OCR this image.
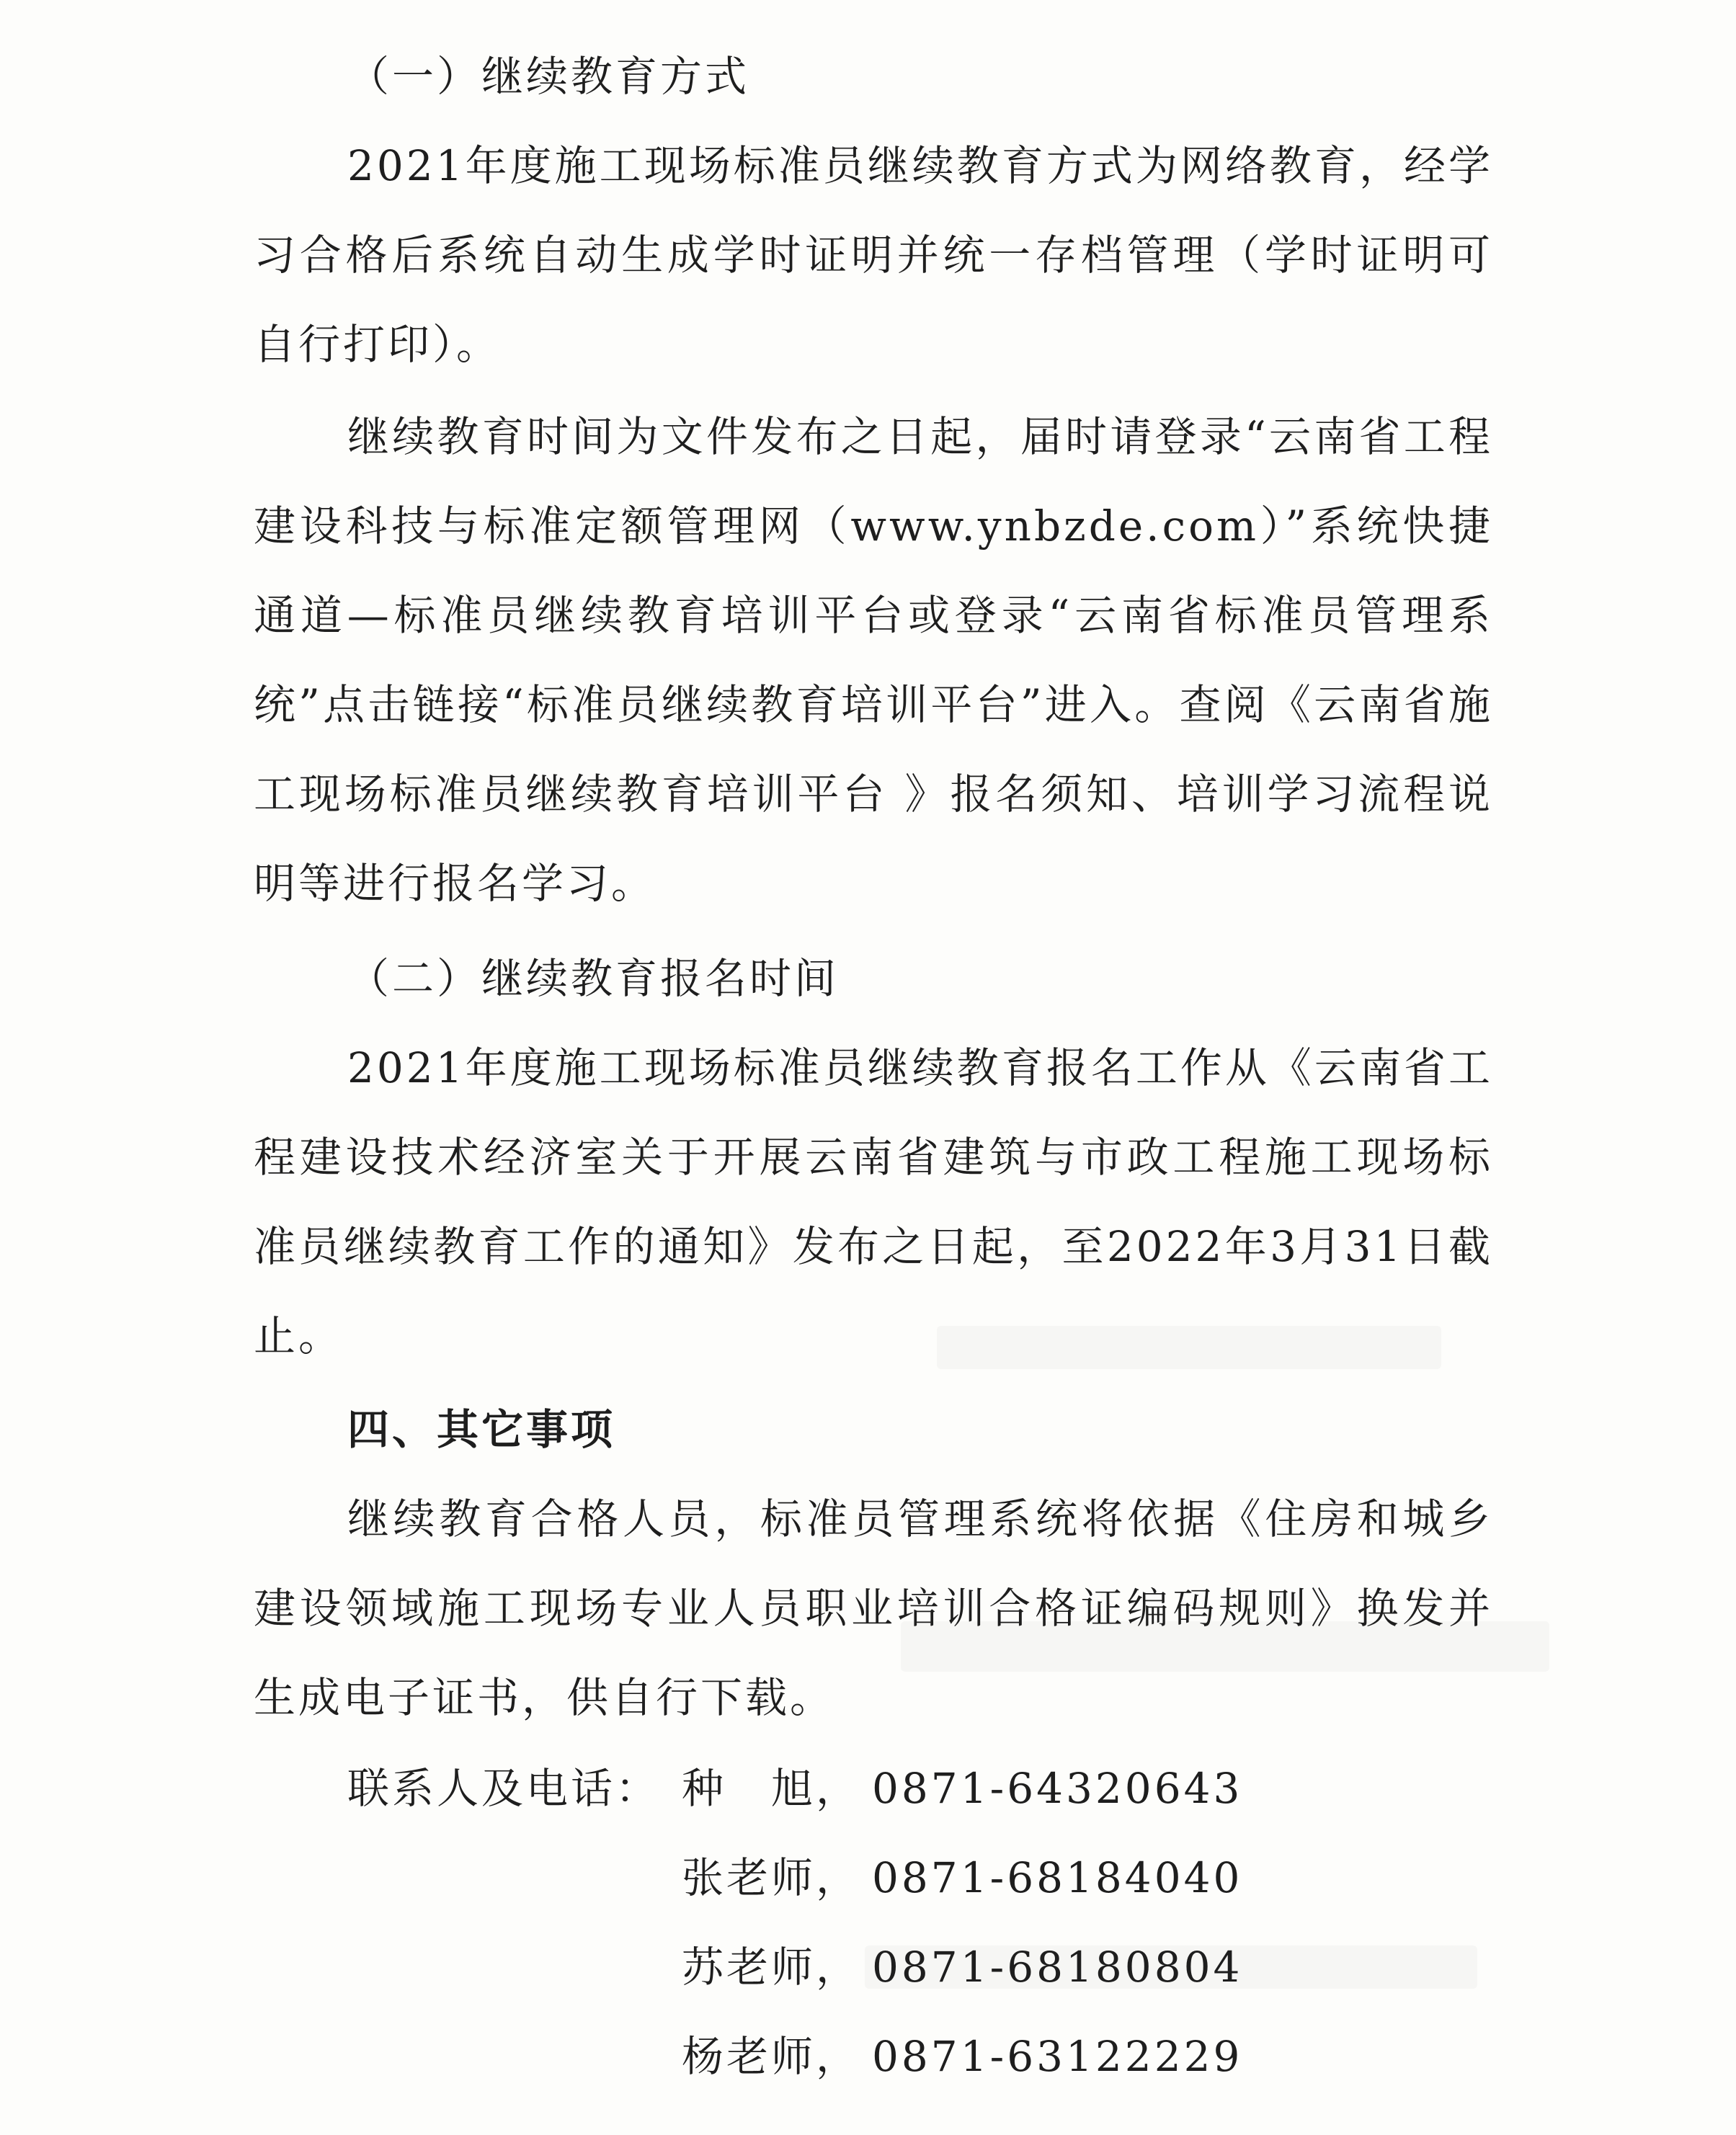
（一）继续教育方式

2021年度施工现场标准员继续教育方式为网络教育，经学习合格后系统自动生成学时证明并统一存档管理（学时证明可自行打印）。

继续教育时间为文件发布之日起，届时请登录“云南省工程建设科技与标准定额管理网（www.ynbzde.com）”系统快捷通道—标准员继续教育培训平台或登录“云南省标准员管理系统”点击链接“标准员继续教育培训平台”进入。查阅《云南省施工现场标准员继续教育培训平台 》报名须知、培训学习流程说明等进行报名学习。

（二）继续教育报名时间

2021年度施工现场标准员继续教育报名工作从《云南省工程建设技术经济室关于开展云南省建筑与市政工程施工现场标准员继续教育工作的通知》发布之日起，至2022年3月31日截止。

四、其它事项

继续教育合格人员，标准员管理系统将依据《住房和城乡建设领域施工现场专业人员职业培训合格证编码规则》换发并生成电子证书，供自行下载。

联系人及电话： 种　旭， 0871-64320643
张老师， 0871-68184040
苏老师， 0871-68180804
杨老师， 0871-63122229
